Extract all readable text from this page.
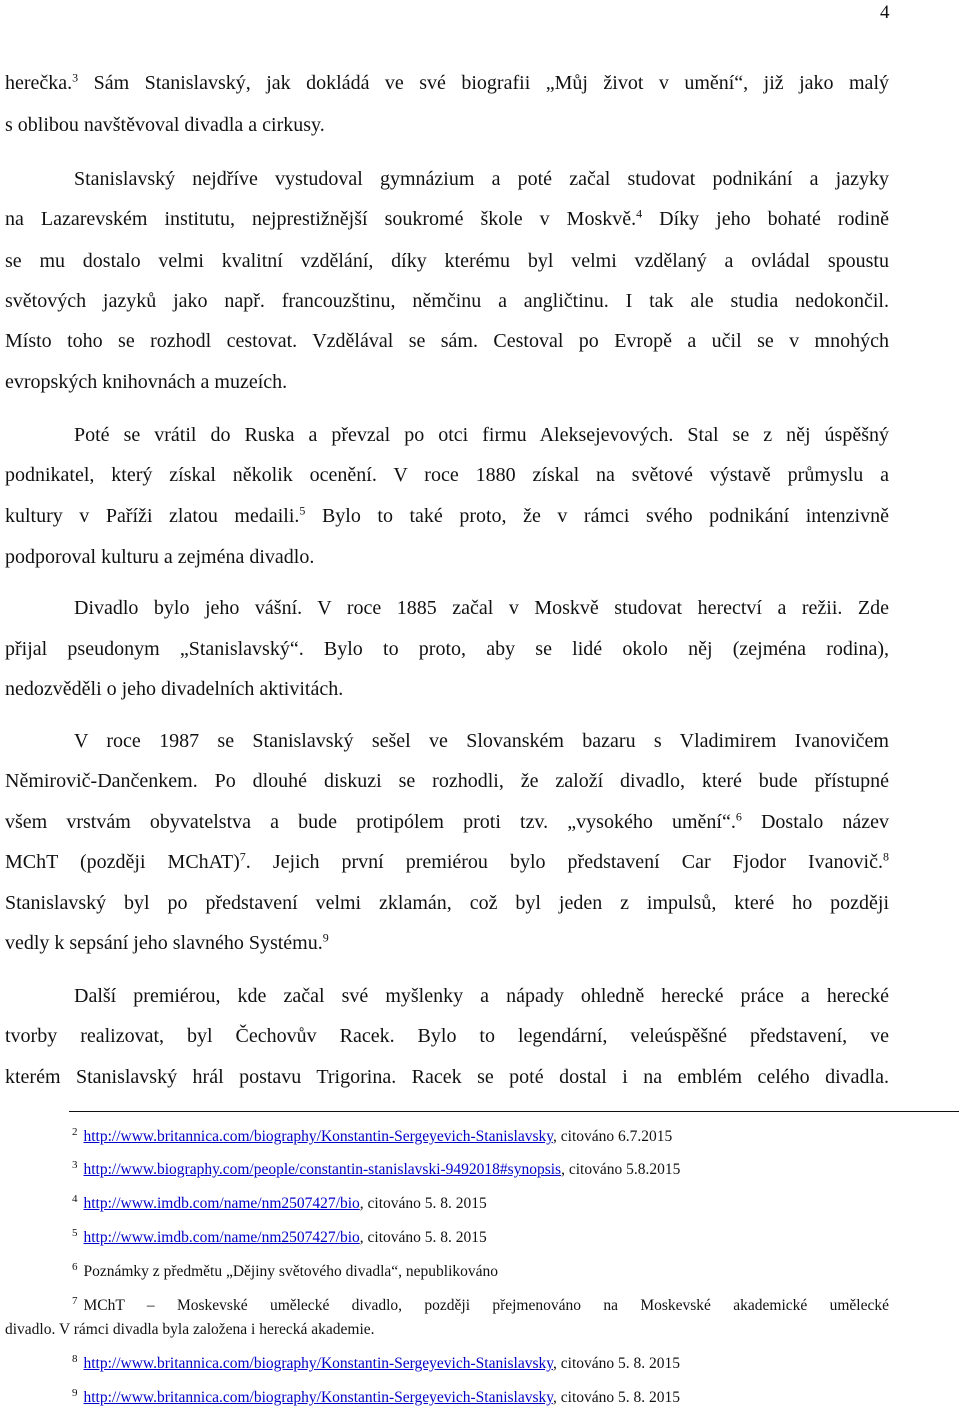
4
herečka.$^3$ Sám Stanislavský, jak dokládá ve své biografii „Můj život v umění“, již jako malý
s oblibou navštěvoval divadla a cirkusy.
Stanislavský nejdříve vystudoval gymnázium a poté začal studovat podnikání a jazyky
na Lazarevském institutu, nejprestižnější soukromé škole v Moskvě.$^4$ Díky jeho bohaté rodině
se mu dostalo velmi kvalitní vzdělání, díky kterému byl velmi vzdělaný a ovládal spoustu
světových jazyků jako např. francouzštinu, němčinu a angličtinu. I tak ale studia nedokončil.
Místo toho se rozhodl cestovat. Vzdělával se sám. Cestoval po Evropě a učil se v mnohých
evropských knihovnách a muzeích.
Poté se vrátil do Ruska a převzal po otci firmu Aleksejevových. Stal se z něj úspěšný
podnikatel, který získal několik ocenění. V roce 1880 získal na světové výstavě průmyslu a
kultury v Paříži zlatou medaili.$^5$ Bylo to také proto, že v rámci svého podnikání intenzivně
podporoval kulturu a zejména divadlo.
Divadlo bylo jeho vášní. V roce 1885 začal v Moskvě studovat herectví a režii. Zde
přijal pseudonym „Stanislavský“. Bylo to proto, aby se lidé okolo něj (zejména rodina),
nedozvěděli o jeho divadelních aktivitách.
V roce 1987 se Stanislavský sešel ve Slovanském bazaru s Vladimirem Ivanovičem
Němirovič-Dančenkem. Po dlouhé diskuzi se rozhodli, že založí divadlo, které bude přístupné
všem vrstvám obyvatelstva a bude protipólem proti tzv. „vysokého umění“.$^6$ Dostalo název
MChT (později MChAT)$^7$. Jejich první premiérou bylo představení Car Fjodor Ivanovič.$^8$
Stanislavský byl po představení velmi zklamán, což byl jeden z impulsů, které ho později
vedly k sepsání jeho slavného Systému.$^9$
Další premiérou, kde začal své myšlenky a nápady ohledně herecké práce a herecké
tvorby realizovat, byl Čechovův Racek. Bylo to legendární, veleúspěšné představení, ve
kterém Stanislavský hrál postavu Trigorina. Racek se poté dostal i na emblém celého divadla.
$^2$ http://www.britannica.com/biography/Konstantin-Sergeyevich-Stanislavsky, citováno 6.7.2015
$^3$ http://www.biography.com/people/constantin-stanislavski-9492018#synopsis, citováno 5.8.2015
$^4$ http://www.imdb.com/name/nm2507427/bio, citováno 5. 8. 2015
$^5$ http://www.imdb.com/name/nm2507427/bio, citováno 5. 8. 2015
$^6$ Poznámky z předmětu „Dějiny světového divadla“, nepublikováno
$^7$ MChT – Moskevské umělecké divadlo, později přejmenováno na Moskevské akademické umělecké
divadlo. V rámci divadla byla založena i herecká akademie.
$^8$ http://www.britannica.com/biography/Konstantin-Sergeyevich-Stanislavsky, citováno 5. 8. 2015
$^9$ http://www.britannica.com/biography/Konstantin-Sergeyevich-Stanislavsky, citováno 5. 8. 2015
